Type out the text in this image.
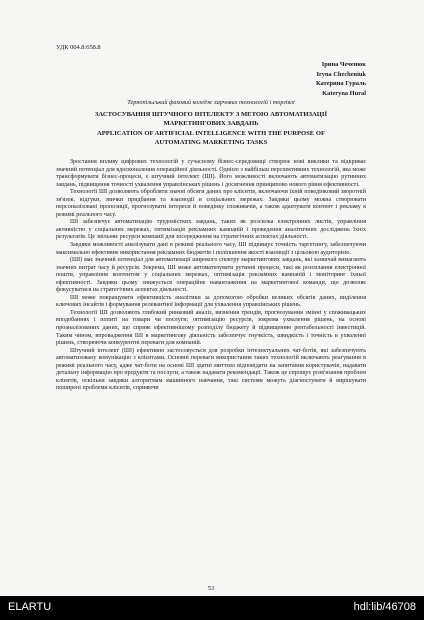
УДК 004.8:658.8
Ірина Чеченюк
Iryna Chechenіuk
Катерина Гураль
Kateryna Hural
Тернопільський фаховий коледж харчових технологій і торгівлі
ЗАСТОСУВАННЯ ШТУЧНОГО ІНТЕЛЕКТУ З МЕТОЮ АВТОМАТИЗАЦІЇ
МАРКЕТИНГОВИХ ЗАВДАНЬ
APPLICATION OF ARTIFICIAL INTELLIGENCE WITH THE PURPOSE OF
AUTOMATING MARKETING TASKS

Зростання впливу цифрових технологій у сучасному бізнес-середовищі створює нові виклики та відкриває значний потенціал для вдосконалення операційної діяльності. Однією з найбільш перспективних технологій, яка може трансформувати бізнес-процеси, є штучний інтелект (ШІ). Його можливості включають автоматизацію рутинних завдань, підвищення точності ухвалення управлінських рішень і досягнення принципово нового рівня ефективності.

Технології ШІ дозволяють обробляти значні обсяги даних про клієнтів, включаючи їхній поведінковий зворотній зв'язок, відгуки, звички придбання та взаємодії в соціальних мережах. Завдяки цьому можна створювати персоналізовані пропозиції, прогнозувати інтереси й поведінку споживачів, а також адаптувати контент і рекламу в режимі реального часу.

ШІ забезпечує автоматизацію трудомістких завдань, таких як розсилка електронних листів, управління активністю у соціальних мережах, оптимізація рекламних кампаній і проведення аналітичних досліджень їхніх результатів. Це звільняє ресурси компанії для зосередження на стратегічних аспектах діяльності.

Завдяки можливості аналізувати дані в режимі реального часу, ШІ підвищує точність таргетингу, забезпечуючи максимально ефективне використання рекламних бюджетів і поліпшення якості взаємодії з цільовою аудиторією.

(ШІ) має значний потенціал для автоматизації широкого спектру маркетингових завдань, які зазвичай вимагають значних витрат часу й ресурсів. Зокрема, ШІ може автоматизувати рутинні процеси, такі як розсилання електронної пошти, управління контентом у соціальних мережах, оптимізація рекламних кампаній і моніторинг їхньої ефективності. Завдяки цьому знижується операційне навантаження на маркетингової команди, що дозволяє фокусуватися на стратегічних аспектах діяльності.

ШІ може покращувати ефективність аналітики за допомогою обробки великих обсягів даних, виділення ключових інсайтів і формування релевантної інформації для ухвалення управлінських рішень.

Технології ШІ дозволяють глибокий ринковий аналіз, визнення трендів, прогнозування змінні у споживацьких вподобаннях і попиті на товари чи послуги; оптимізацію ресурсів, зокрема ухвалення рішень, на основі проаналізованих даних, що сприяє ефективнішому розподілу бюджету й підвищенню рентабельності інвестицій. Таким чином, впровадження ШІ в маркетингову діяльність забезпечує гнучкість, швидкість і точність в ухваленні рішень, створюючи конкурентні переваги для компаній.

Штучний інтелект (ШІ) ефективно застосовується для розробки інтелектуальних чат-ботів, які забезпечують автоматизовану комунікацію з клієнтами. Основні переваги використання таких технологій включають реагування в режимі реального часу, адже чат-боти на основі ШІ здатні миттєво відповідати на запитання користувачів, надавати детальну інформацію про продукти та послуги, а також надавати рекомендації. Також це спрощує розв'язання проблем клієнтів, оскільки завдяки алгоритмам машинного навчання, такі системи можуть діагностувати й вирішувати поширені проблеми клієнтів, сприяючи

53
ELARTU	hdl:lib/46708
